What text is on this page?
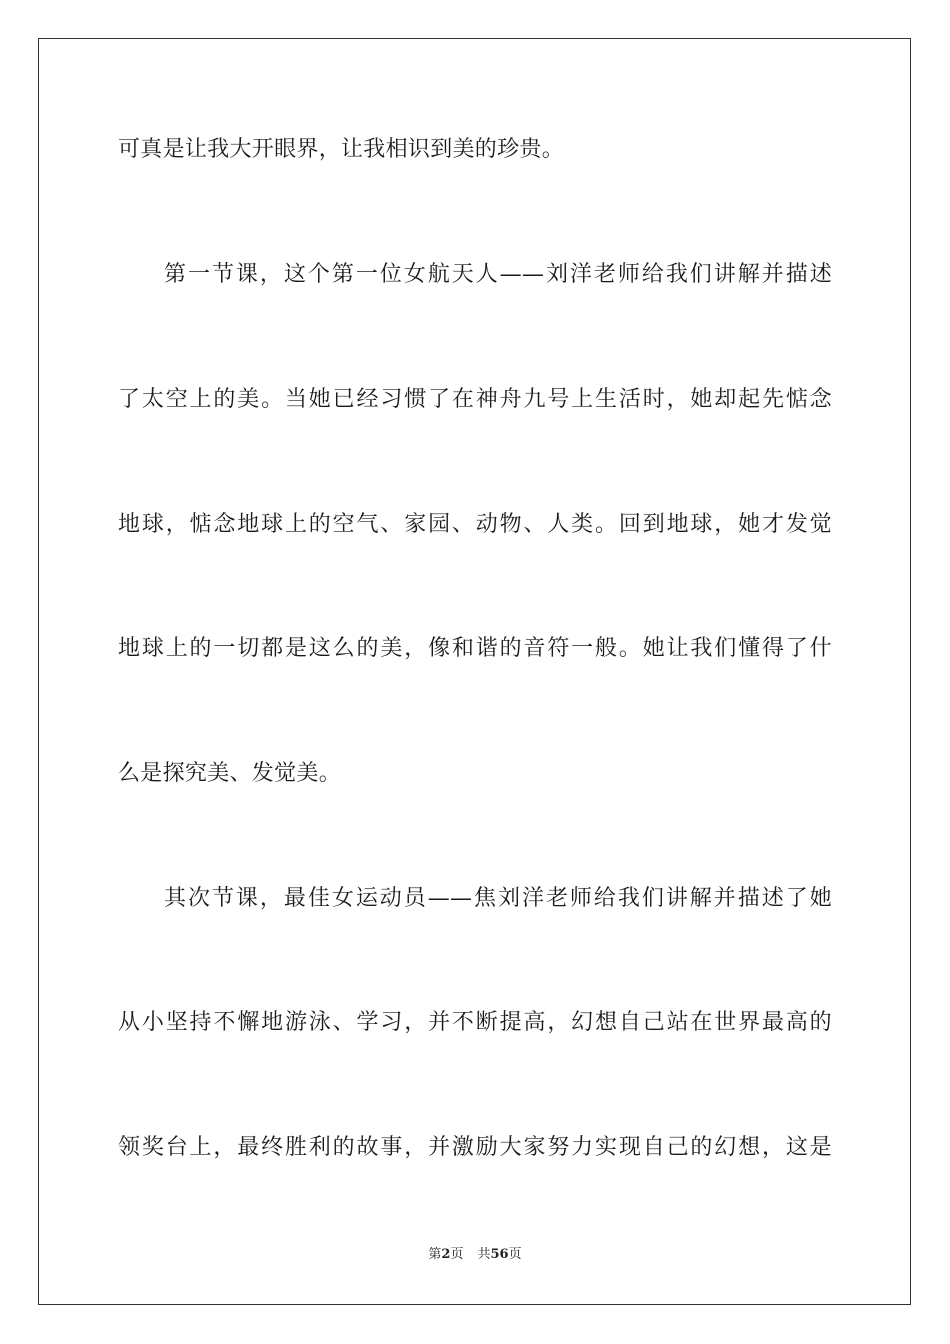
可真是让我大开眼界，让我相识到美的珍贵。
第一节课，这个第一位女航天人——刘洋老师给我们讲解并描述
了太空上的美。当她已经习惯了在神舟九号上生活时，她却起先惦念
地球，惦念地球上的空气、家园、动物、人类。回到地球，她才发觉
地球上的一切都是这么的美，像和谐的音符一般。她让我们懂得了什
么是探究美、发觉美。
其次节课，最佳女运动员——焦刘洋老师给我们讲解并描述了她
从小坚持不懈地游泳、学习，并不断提高，幻想自己站在世界最高的
领奖台上，最终胜利的故事，并激励大家努力实现自己的幻想，这是
第2页 共56页
